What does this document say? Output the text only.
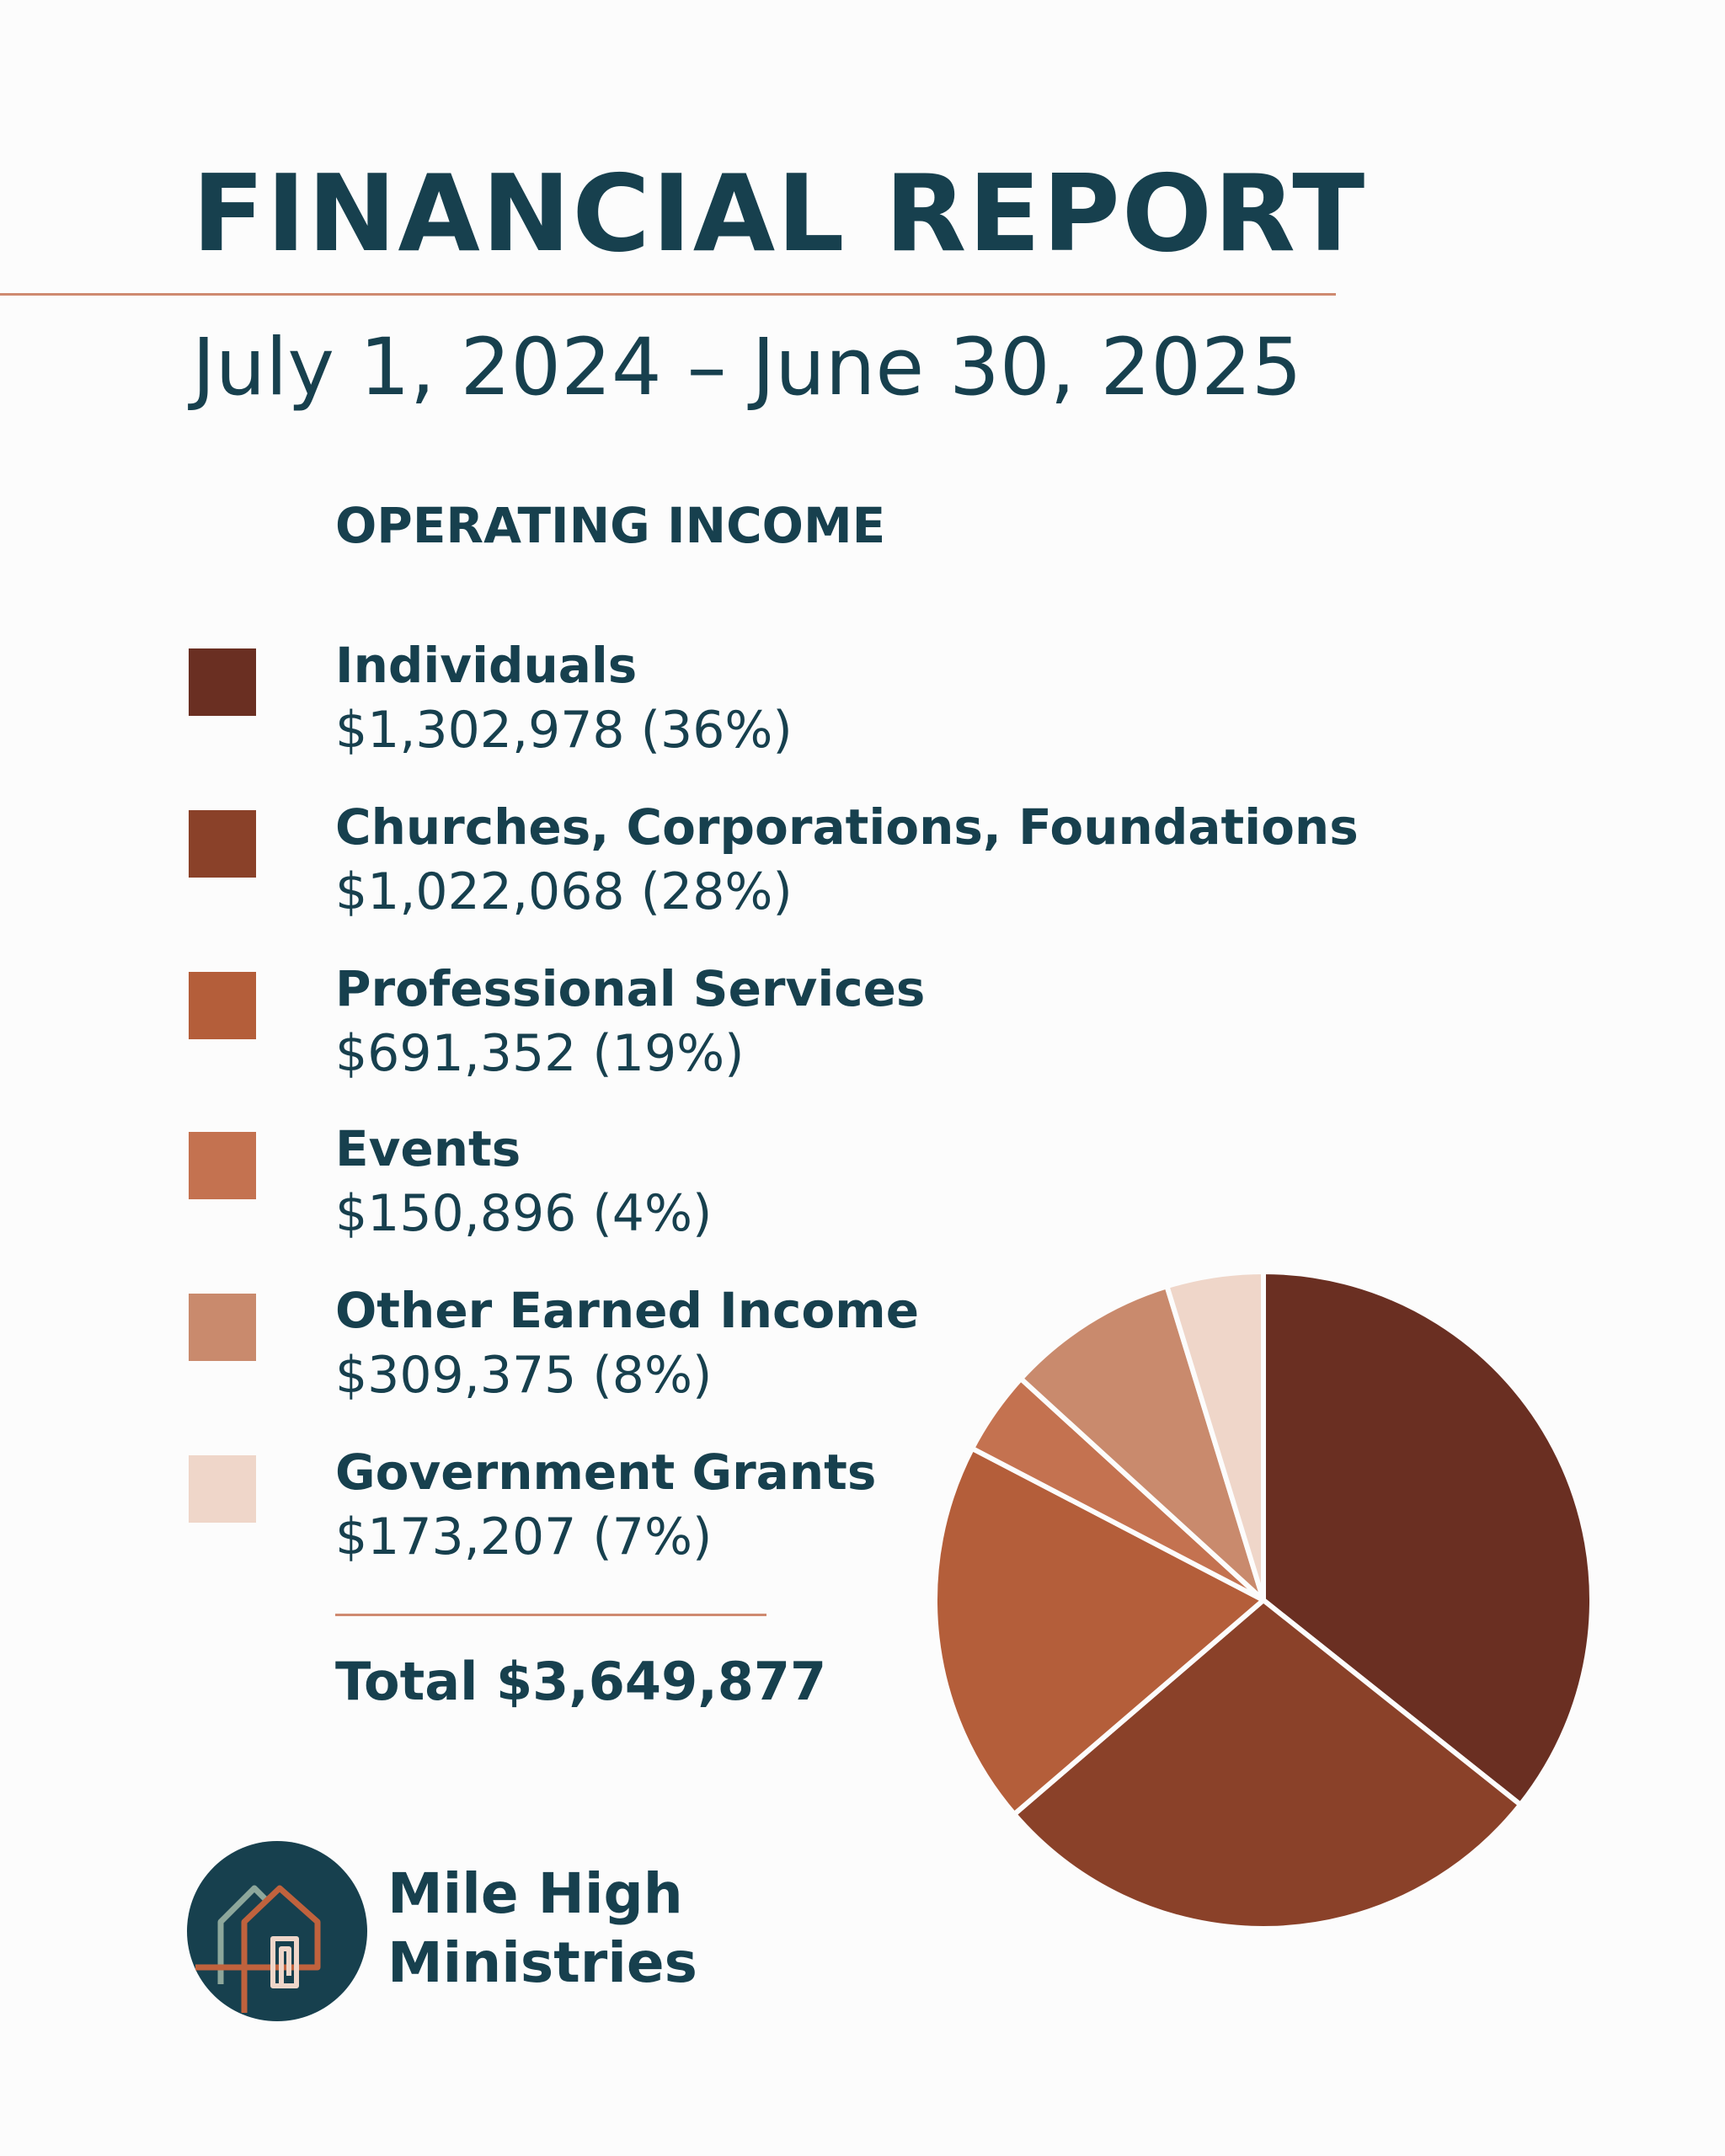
FINANCIAL REPORT
July 1, 2024 – June 30, 2025
OPERATING INCOME
Individuals
$1,302,978 (36%)
Churches, Corporations, Foundations
$1,022,068 (28%)
Professional Services
$691,352 (19%)
Events
$150,896 (4%)
Other Earned Income
$309,375 (8%)
Government Grants
$173,207 (7%)
Total $3,649,877
Mile High
Ministries
